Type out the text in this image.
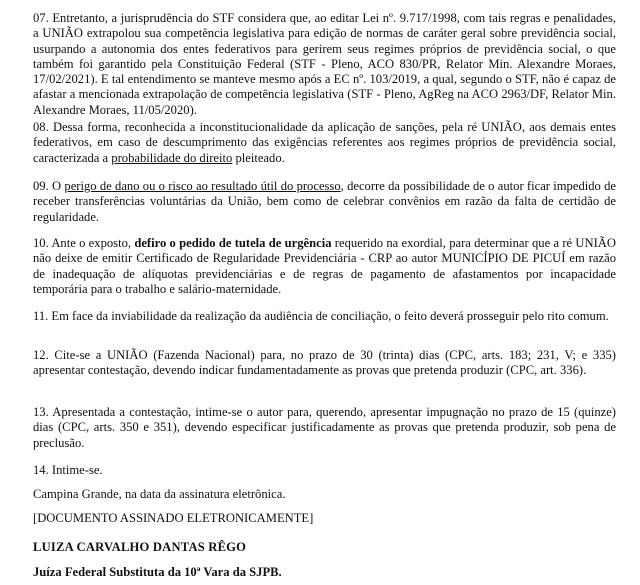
07. Entretanto, a jurisprudência do STF considera que, ao editar Lei nº. 9.717/1998, com tais regras e penalidades, a UNIÃO extrapolou sua competência legislativa para edição de normas de caráter geral sobre previdência social, usurpando a autonomia dos entes federativos para gerirem seus regimes próprios de previdência social, o que também foi garantido pela Constituição Federal (STF - Pleno, ACO 830/PR, Relator Min. Alexandre Moraes, 17/02/2021). E tal entendimento se manteve mesmo após a EC nº. 103/2019, a qual, segundo o STF, não é capaz de afastar a mencionada extrapolação de competência legislativa (STF - Pleno, AgReg na ACO 2963/DF, Relator Min. Alexandre Moraes, 11/05/2020).

08. Dessa forma, reconhecida a inconstitucionalidade da aplicação de sanções, pela ré UNIÃO, aos demais entes federativos, em caso de descumprimento das exigências referentes aos regimes próprios de previdência social, caracterizada a probabilidade do direito pleiteado.

09. O perigo de dano ou o risco ao resultado útil do processo, decorre da possibilidade de o autor ficar impedido de receber transferências voluntárias da União, bem como de celebrar convênios em razão da falta de certidão de regularidade.

10. Ante o exposto, defiro o pedido de tutela de urgência requerido na exordial, para determinar que a ré UNIÃO não deixe de emitir Certificado de Regularidade Previdenciária - CRP ao autor MUNICÍPIO DE PICUÍ em razão de inadequação de alíquotas previdenciárias e de regras de pagamento de afastamentos por incapacidade temporária para o trabalho e salário-maternidade.

11. Em face da inviabilidade da realização da audiência de conciliação, o feito deverá prosseguir pelo rito comum.

12. Cite-se a UNIÃO (Fazenda Nacional) para, no prazo de 30 (trinta) dias (CPC, arts. 183; 231, V; e 335) apresentar contestação, devendo indicar fundamentadamente as provas que pretenda produzir (CPC, art. 336).

13. Apresentada a contestação, intime-se o autor para, querendo, apresentar impugnação no prazo de 15 (quinze) dias (CPC, arts. 350 e 351), devendo especificar justificadamente as provas que pretenda produzir, sob pena de preclusão.

14. Intime-se.

Campina Grande, na data da assinatura eletrônica.

[DOCUMENTO ASSINADO ELETRONICAMENTE]

LUIZA CARVALHO DANTAS RÊGO

Juíza Federal Substituta da 10ª Vara da SJPB.
